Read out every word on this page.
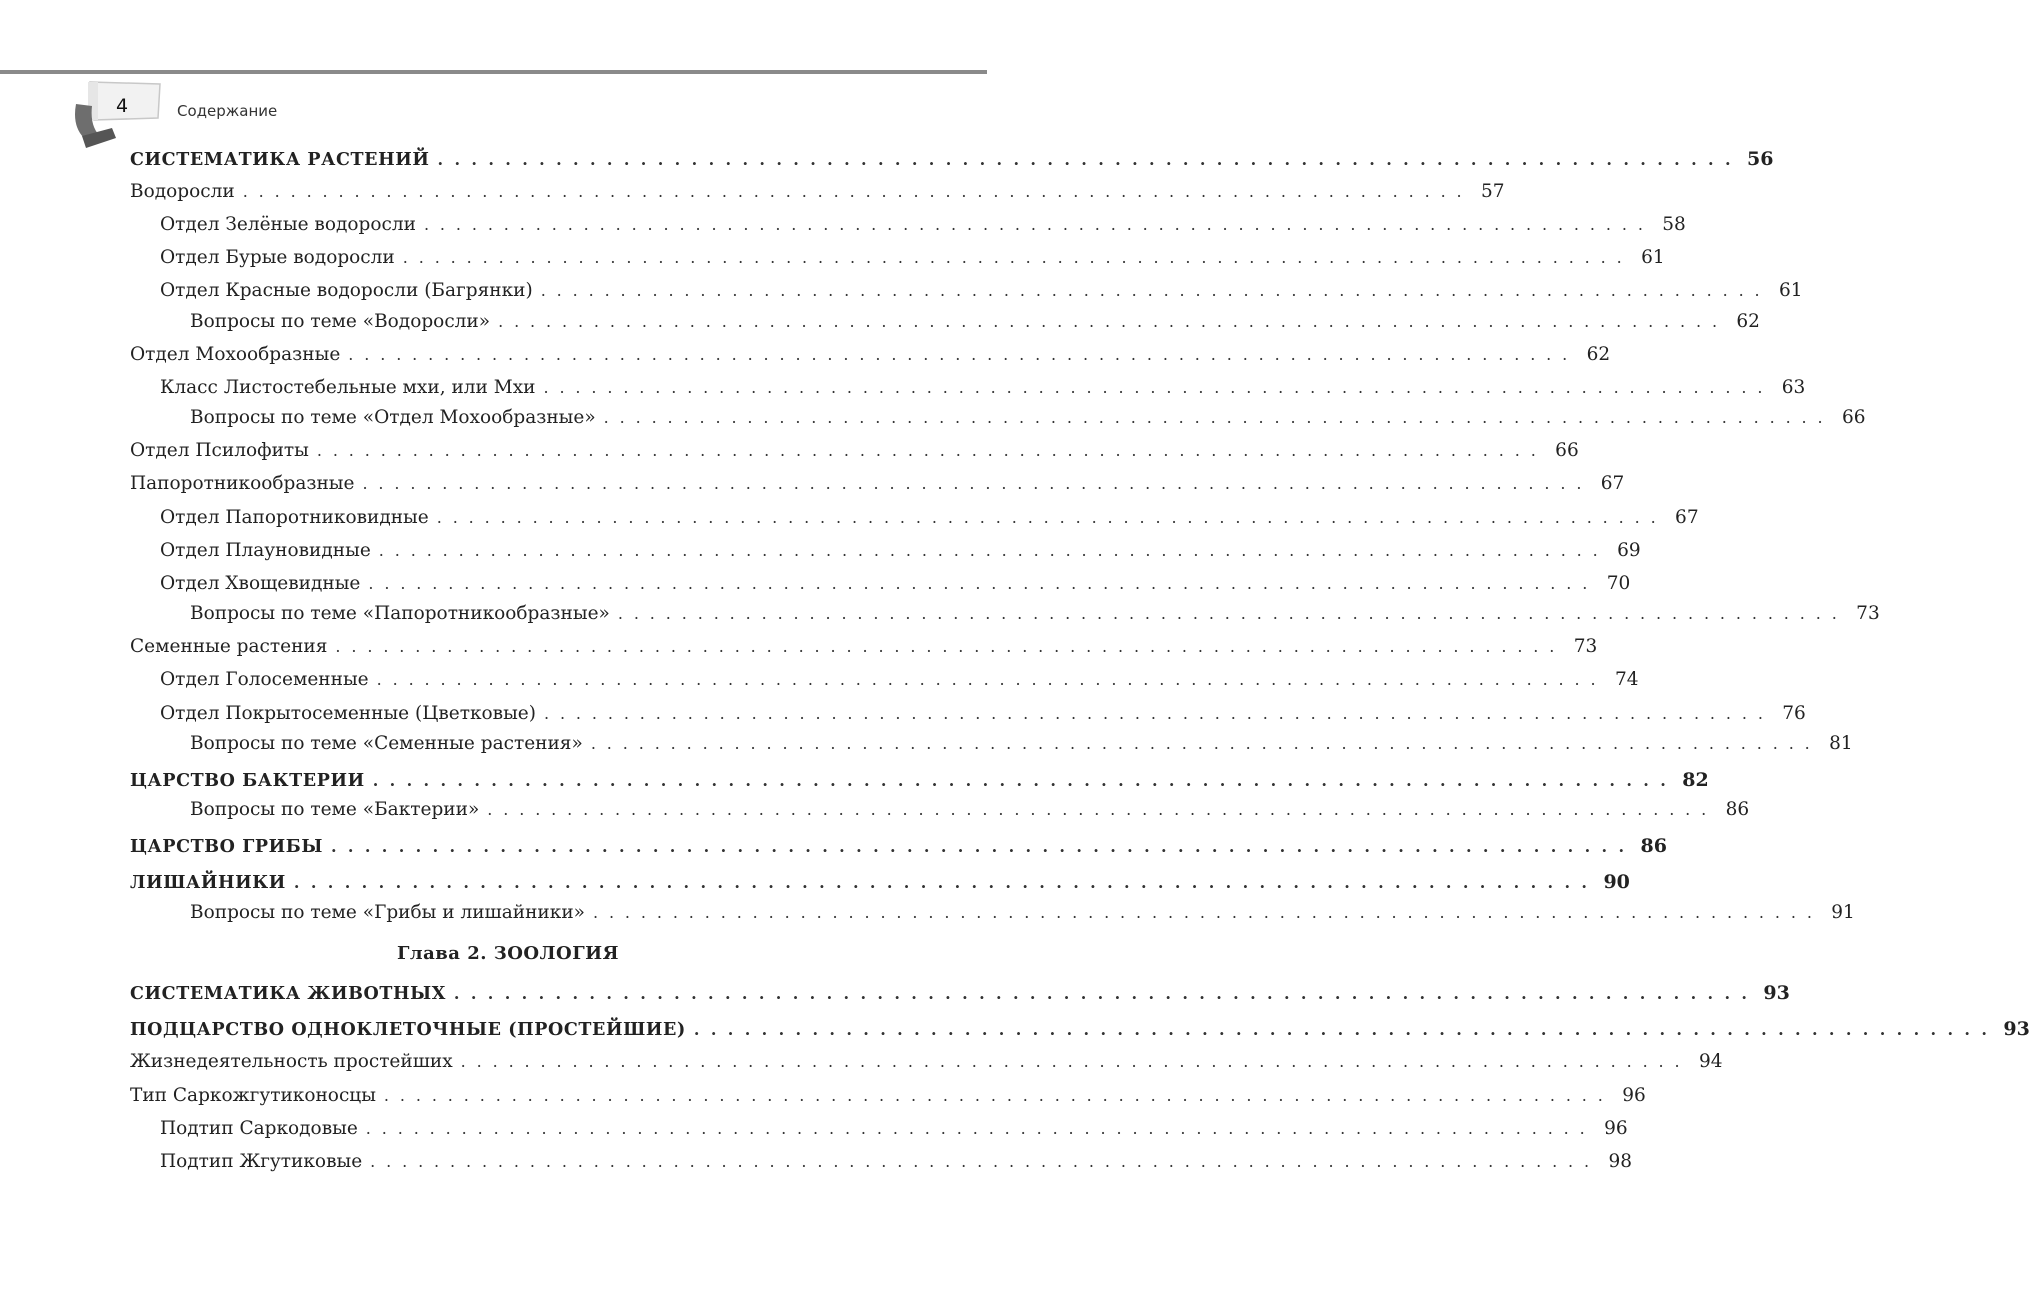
4	Содержание
Глава 2. ЗООЛОГИЯ
СИСТЕМАТИКА РАСТЕНИЙ . . . . . . . . . . . . . . . . . . . . . . . . . . . . . . . . . . . . . . . . . . . . . . . . . . . . . . . . . . . . . . . . . . . . . . . . . . . . . 56
Водоросли . . . . . . . . . . . . . . . . . . . . . . . . . . . . . . . . . . . . . . . . . . . . . . . . . . . . . . . . . . . . . . . . . . . . . . . . . . . . . 57
Отдел Зелёные водоросли . . . . . . . . . . . . . . . . . . . . . . . . . . . . . . . . . . . . . . . . . . . . . . . . . . . . . . . . . . . . . . . . . . . . . . . . . . . . . 58
Отдел Бурые водоросли . . . . . . . . . . . . . . . . . . . . . . . . . . . . . . . . . . . . . . . . . . . . . . . . . . . . . . . . . . . . . . . . . . . . . . . . . . . . . 61
Отдел Красные водоросли (Багрянки) . . . . . . . . . . . . . . . . . . . . . . . . . . . . . . . . . . . . . . . . . . . . . . . . . . . . . . . . . . . . . . . . . . . . . . . . . . . . . 61
Вопросы по теме «Водоросли» . . . . . . . . . . . . . . . . . . . . . . . . . . . . . . . . . . . . . . . . . . . . . . . . . . . . . . . . . . . . . . . . . . . . . . . . . . . . . 62
Отдел Мохообразные . . . . . . . . . . . . . . . . . . . . . . . . . . . . . . . . . . . . . . . . . . . . . . . . . . . . . . . . . . . . . . . . . . . . . . . . . . . . . 62
Класс Листостебельные мхи, или Мхи . . . . . . . . . . . . . . . . . . . . . . . . . . . . . . . . . . . . . . . . . . . . . . . . . . . . . . . . . . . . . . . . . . . . . . . . . . . . . 63
Вопросы по теме «Отдел Мохообразные» . . . . . . . . . . . . . . . . . . . . . . . . . . . . . . . . . . . . . . . . . . . . . . . . . . . . . . . . . . . . . . . . . . . . . . . . . . . . . 66
Отдел Псилофиты . . . . . . . . . . . . . . . . . . . . . . . . . . . . . . . . . . . . . . . . . . . . . . . . . . . . . . . . . . . . . . . . . . . . . . . . . . . . . 66
Папоротникообразные . . . . . . . . . . . . . . . . . . . . . . . . . . . . . . . . . . . . . . . . . . . . . . . . . . . . . . . . . . . . . . . . . . . . . . . . . . . . . 67
Отдел Папоротниковидные . . . . . . . . . . . . . . . . . . . . . . . . . . . . . . . . . . . . . . . . . . . . . . . . . . . . . . . . . . . . . . . . . . . . . . . . . . . . . 67
Отдел Плауновидные . . . . . . . . . . . . . . . . . . . . . . . . . . . . . . . . . . . . . . . . . . . . . . . . . . . . . . . . . . . . . . . . . . . . . . . . . . . . . 69
Отдел Хвощевидные . . . . . . . . . . . . . . . . . . . . . . . . . . . . . . . . . . . . . . . . . . . . . . . . . . . . . . . . . . . . . . . . . . . . . . . . . . . . . 70
Вопросы по теме «Папоротникообразные» . . . . . . . . . . . . . . . . . . . . . . . . . . . . . . . . . . . . . . . . . . . . . . . . . . . . . . . . . . . . . . . . . . . . . . . . . . . . . 73
Семенные растения . . . . . . . . . . . . . . . . . . . . . . . . . . . . . . . . . . . . . . . . . . . . . . . . . . . . . . . . . . . . . . . . . . . . . . . . . . . . . 73
Отдел Голосеменные . . . . . . . . . . . . . . . . . . . . . . . . . . . . . . . . . . . . . . . . . . . . . . . . . . . . . . . . . . . . . . . . . . . . . . . . . . . . . 74
Отдел Покрытосеменные (Цветковые) . . . . . . . . . . . . . . . . . . . . . . . . . . . . . . . . . . . . . . . . . . . . . . . . . . . . . . . . . . . . . . . . . . . . . . . . . . . . . 76
Вопросы по теме «Семенные растения» . . . . . . . . . . . . . . . . . . . . . . . . . . . . . . . . . . . . . . . . . . . . . . . . . . . . . . . . . . . . . . . . . . . . . . . . . . . . . 81
ЦАРСТВО БАКТЕРИИ . . . . . . . . . . . . . . . . . . . . . . . . . . . . . . . . . . . . . . . . . . . . . . . . . . . . . . . . . . . . . . . . . . . . . . . . . . . . . 82
Вопросы по теме «Бактерии» . . . . . . . . . . . . . . . . . . . . . . . . . . . . . . . . . . . . . . . . . . . . . . . . . . . . . . . . . . . . . . . . . . . . . . . . . . . . . 86
ЦАРСТВО ГРИБЫ . . . . . . . . . . . . . . . . . . . . . . . . . . . . . . . . . . . . . . . . . . . . . . . . . . . . . . . . . . . . . . . . . . . . . . . . . . . . . 86
ЛИШАЙНИКИ . . . . . . . . . . . . . . . . . . . . . . . . . . . . . . . . . . . . . . . . . . . . . . . . . . . . . . . . . . . . . . . . . . . . . . . . . . . . . 90
Вопросы по теме «Грибы и лишайники» . . . . . . . . . . . . . . . . . . . . . . . . . . . . . . . . . . . . . . . . . . . . . . . . . . . . . . . . . . . . . . . . . . . . . . . . . . . . . 91
СИСТЕМАТИКА ЖИВОТНЫХ . . . . . . . . . . . . . . . . . . . . . . . . . . . . . . . . . . . . . . . . . . . . . . . . . . . . . . . . . . . . . . . . . . . . . . . . . . . . . 93
ПОДЦАРСТВО ОДНОКЛЕТОЧНЫЕ (ПРОСТЕЙШИЕ) . . . . . . . . . . . . . . . . . . . . . . . . . . . . . . . . . . . . . . . . . . . . . . . . . . . . . . . . . . . . . . . . . . . . . . . . . . . . . 93
Жизнедеятельность простейших . . . . . . . . . . . . . . . . . . . . . . . . . . . . . . . . . . . . . . . . . . . . . . . . . . . . . . . . . . . . . . . . . . . . . . . . . . . . . 94
Тип Саркожгутиконосцы . . . . . . . . . . . . . . . . . . . . . . . . . . . . . . . . . . . . . . . . . . . . . . . . . . . . . . . . . . . . . . . . . . . . . . . . . . . . . 96
Подтип Саркодовые . . . . . . . . . . . . . . . . . . . . . . . . . . . . . . . . . . . . . . . . . . . . . . . . . . . . . . . . . . . . . . . . . . . . . . . . . . . . . 96
Подтип Жгутиковые . . . . . . . . . . . . . . . . . . . . . . . . . . . . . . . . . . . . . . . . . . . . . . . . . . . . . . . . . . . . . . . . . . . . . . . . . . . . . 98
